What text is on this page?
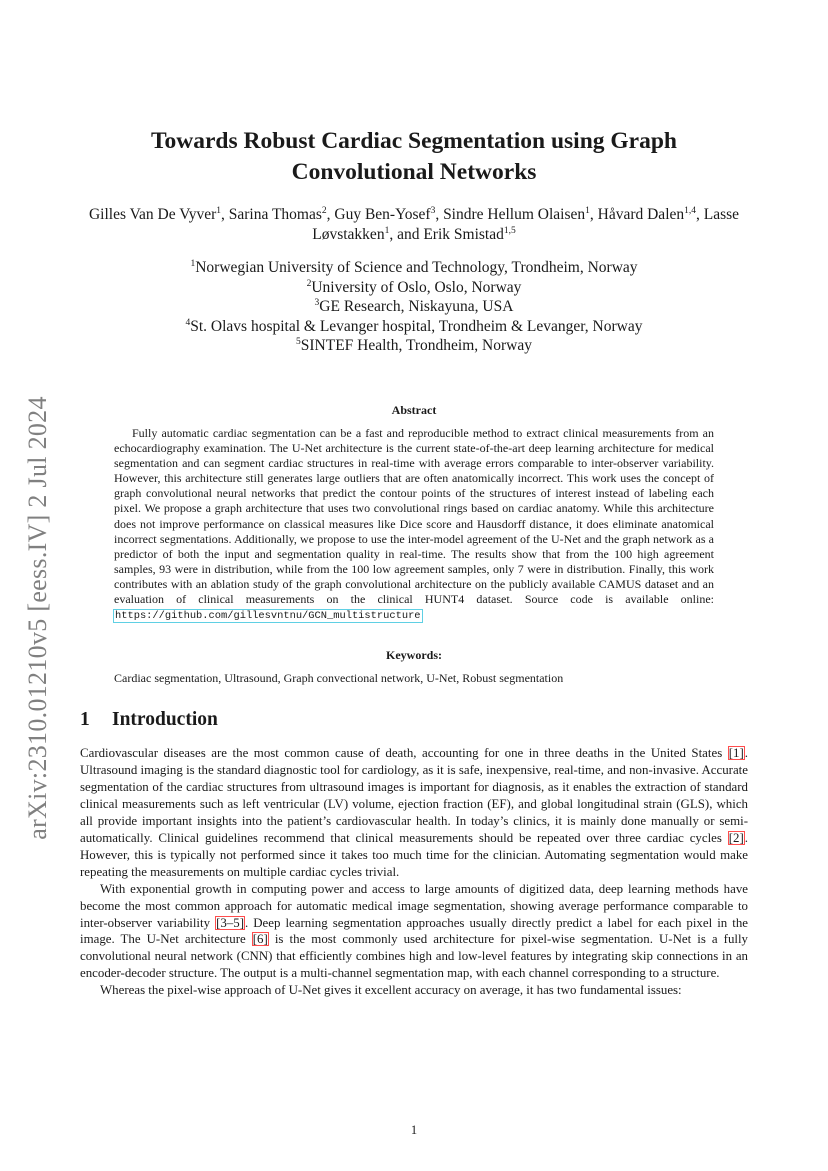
arXiv:2310.01210v5 [eess.IV] 2 Jul 2024
Towards Robust Cardiac Segmentation using Graph Convolutional Networks
Gilles Van De Vyver$^1$, Sarina Thomas$^2$, Guy Ben-Yosef$^3$, Sindre Hellum Olaisen$^1$, Håvard Dalen$^{1,4}$, Lasse Løvstakken$^1$, and Erik Smistad$^{1,5}$
$^1$Norwegian University of Science and Technology, Trondheim, Norway
$^2$University of Oslo, Oslo, Norway
$^3$GE Research, Niskayuna, USA
$^4$St. Olavs hospital & Levanger hospital, Trondheim & Levanger, Norway
$^5$SINTEF Health, Trondheim, Norway
Abstract
Fully automatic cardiac segmentation can be a fast and reproducible method to extract clinical measurements from an echocardiography examination. The U-Net architecture is the current state-of-the-art deep learning architecture for medical segmentation and can segment cardiac structures in real-time with average errors comparable to inter-observer variability. However, this architecture still generates large outliers that are often anatomically incorrect. This work uses the concept of graph convolutional neural networks that predict the contour points of the structures of interest instead of labeling each pixel. We propose a graph architecture that uses two convolutional rings based on cardiac anatomy. While this architecture does not improve performance on classical measures like Dice score and Hausdorff distance, it does eliminate anatomical incorrect segmentations. Additionally, we propose to use the inter-model agreement of the U-Net and the graph network as a predictor of both the input and segmentation quality in real-time. The results show that from the 100 high agreement samples, 93 were in distribution, while from the 100 low agreement samples, only 7 were in distribution. Finally, this work contributes with an ablation study of the graph convolutional architecture on the publicly available CAMUS dataset and an evaluation of clinical measurements on the clinical HUNT4 dataset. Source code is available online: https://github.com/gillesvntnu/GCN_multistructure
Keywords:
Cardiac segmentation, Ultrasound, Graph convectional network, U-Net, Robust segmentation
1 Introduction

Cardiovascular diseases are the most common cause of death, accounting for one in three deaths in the United States [1]. Ultrasound imaging is the standard diagnostic tool for cardiology, as it is safe, inexpensive, real-time, and non-invasive. Accurate segmentation of the cardiac structures from ultrasound images is important for diagnosis, as it enables the extraction of standard clinical measurements such as left ventricular (LV) volume, ejection fraction (EF), and global longitudinal strain (GLS), which all provide important insights into the patient’s cardiovascular health. In today’s clinics, it is mainly done manually or semi-automatically. Clinical guidelines recommend that clinical measurements should be repeated over three cardiac cycles [2]. However, this is typically not performed since it takes too much time for the clinician. Automating segmentation would make repeating the measurements on multiple cardiac cycles trivial.

With exponential growth in computing power and access to large amounts of digitized data, deep learning methods have become the most common approach for automatic medical image segmentation, showing average performance comparable to inter-observer variability [3–5]. Deep learning segmentation approaches usually directly predict a label for each pixel in the image. The U-Net architecture [6] is the most commonly used architecture for pixel-wise segmentation. U-Net is a fully convolutional neural network (CNN) that efficiently combines high and low-level features by integrating skip connections in an encoder-decoder structure. The output is a multi-channel segmentation map, with each channel corresponding to a structure.

Whereas the pixel-wise approach of U-Net gives it excellent accuracy on average, it has two fundamental issues:

1
